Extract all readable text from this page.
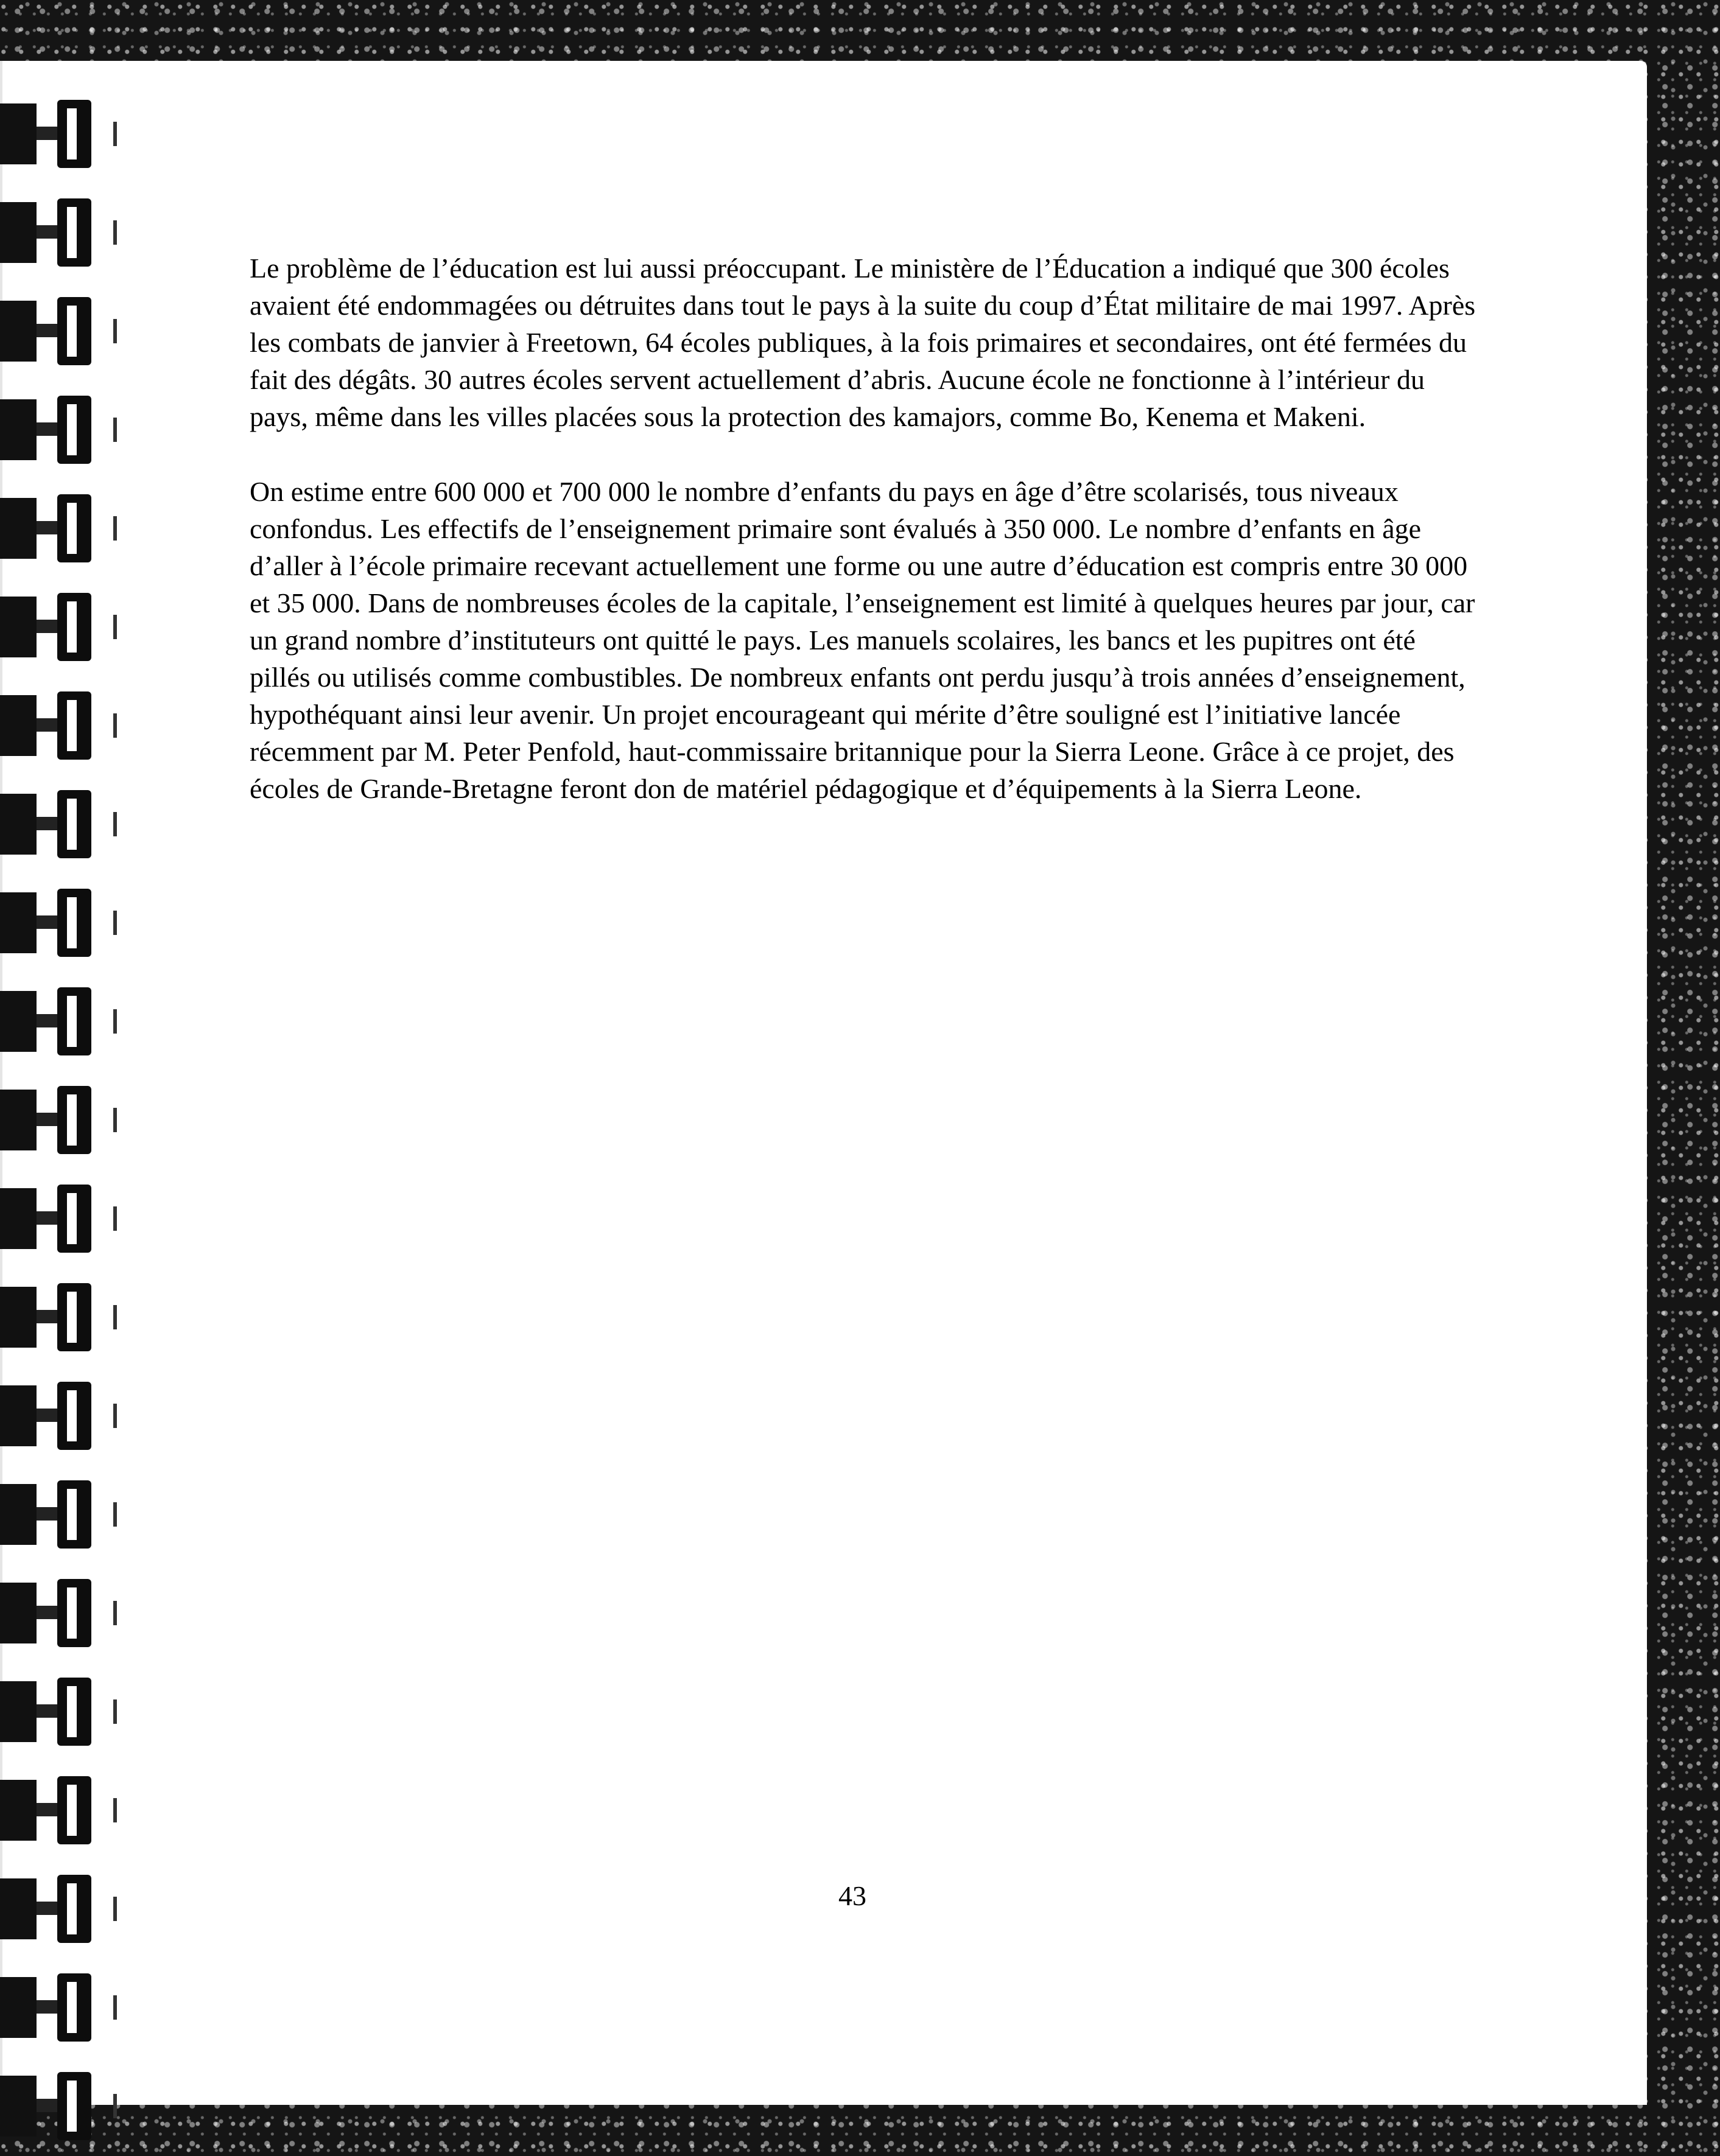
Le problème de l’éducation est lui aussi préoccupant. Le ministère de l’Éducation a indiqué que 300 écoles avaient été endommagées ou détruites dans tout le pays à la suite du coup d’État militaire de mai 1997. Après les combats de janvier à Freetown, 64 écoles publiques, à la fois primaires et secondaires, ont été fermées du fait des dégâts. 30 autres écoles servent actuellement d’abris. Aucune école ne fonctionne à l’intérieur du pays, même dans les villes placées sous la protection des kamajors, comme Bo, Kenema et Makeni.

On estime entre 600 000 et 700 000 le nombre d’enfants du pays en âge d’être scolarisés, tous niveaux confondus. Les effectifs de l’enseignement primaire sont évalués à 350 000. Le nombre d’enfants en âge d’aller à l’école primaire recevant actuellement une forme ou une autre d’éducation est compris entre 30 000 et 35 000. Dans de nombreuses écoles de la capitale, l’enseignement est limité à quelques heures par jour, car un grand nombre d’instituteurs ont quitté le pays. Les manuels scolaires, les bancs et les pupitres ont été pillés ou utilisés comme combustibles. De nombreux enfants ont perdu jusqu’à trois années d’enseignement, hypothéquant ainsi leur avenir. Un projet encourageant qui mérite d’être souligné est l’initiative lancée récemment par M. Peter Penfold, haut-commissaire britannique pour la Sierra Leone. Grâce à ce projet, des écoles de Grande-Bretagne feront don de matériel pédagogique et d’équipements à la Sierra Leone.

43
